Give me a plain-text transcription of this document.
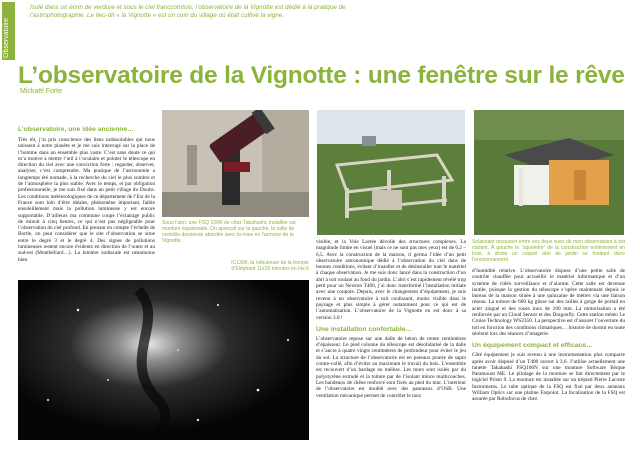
Observatoire
Isolé dans un écrin de verdure et sous le ciel franccomtois, l’observatoire de la Vignotte est dédié à la pratique de l’astrophotographie. Le lieu-dit « la Vignotte » est un coin du village où était cultivé la vigne.
L’observatoire de la Vignotte : une fenêtre sur le rêve
Mickaël Forte
L’observatoire, une idée ancienne…
Très tôt, j’ai pris conscience des liens indissolubles qui nous unissent à notre planète et je me suis interrogé sur la place de l’homme dans un ensemble plus vaste. C’est sans doute ce qui m’a motivé à mettre l’œil à l’oculaire et pointer le télescope en direction du ciel avec une conviction forte : regarder, observer, analyser, c’est comprendre. Ma pratique de l’astronomie a longtemps été nomade, à la recherche du ciel le plus sombre et de l’atmosphère la plus stable. Avec le temps, et par obligation professionnelle, je me suis fixé dans un petit village du Doubs. Les conditions météorologiques de ce département de l’Est de la France sont loin d’être idéales, phénomène important, faible ensoleillement mais la pollution lumineuse y est encore supportable. D’ailleurs ma commune coupe l’éclairage public de minuit à cinq heures, ce qui n’est pas négligeable pour l’observation du ciel profond. En prenant en compte l’échelle de Bortle, on peut considérer que le site d’observation se situe entre le degré 3 et le degré 4. Des signes de pollutions lumineuses restent encore évidents en direction de l’ouest et au sud-est (Montbéliard…). La lumière zodiacale est néanmoins bien
Sous l’abri, une FSQ 106N de chez Takahashi, installée sur monture équatoriale. On aperçoit sur la gauche, la salle de contrôle desservie abordée avec la mise en l’armoire de la Vignotte.
IC1396, la nébuleuse de la trompe d’Éléphant 11x20 minutes en Hα 6
visible, et la Voie Lactée dévoile des structures complexes. La magnitude limite en visuel (mais ce ne sont pas mes yeux) est de 6,2 – 6,5. Avec la construction de la maison, il germa l’idée d’un petit observatoire astronomique dédié à l’observation du ciel dans de bonnes conditions, évitant d’installer et de désinstaller tout le matériel à chaque observation. Je me suis donc lancé dans la construction d’un abri à toit roulant au fond du jardin. L’abri s’est rapidement révélé trop petit pour un Newton T400, j’ai donc transformé l’installation initiale avec une coupole. Depuis, avec le changement d’équipement, je suis revenu à un observatoire à toit coulissant, moins visible dans le paysage et plus simple à gérer notamment pour ce qui est de l’automatisation. L’observatoire de la Vignotte en est donc à sa version 3.0 !
Une installation confortable…
L’observatoire repose sur une dalle de béton de trente centimètres d’épaisseur. Le pied colonne du télescope est désolidarisé de la dalle et s’ancre à quatre vingts centimètres de profondeur pour éviter le jeu du sol. La structure de l’observatoire est en poteaux poutre de sapin contre-collé, afin d’éviter au maximum le travail du bois. L’ensemble est recouvert d’un bardage en mélèze. Les murs sont isolés par du polystyrène extrudé et la toiture par de l’isolant mince multicouches. Les bandeaux de chêne renforcé sont fixés au pied du mur. L’intérieur de l’observatoire est doublé avec des panneaux d’OSB. Une ventilation mécanique permet de contrôler le taux
Solarisant recouvert entre ces deux vues de mon observatoire à toit roulant. À gauche le “squelette” de la construction entièrement en bois, à droite un coquet abri de jardin se fondant dans l’environnement.
d’humidité relative. L’observatoire dispose d’une petite salle de contrôle chauffée pour accueillir le matériel informatique et d’un système de vidéo surveillance et d’alarme. Cette salle est devenue inutile, puisque la gestion du télescope s’opère maintenant depuis le bureau de la maison située à une quinzaine de mètres via une liaison réseau. La toiture de 600 kg glisse sur des railles à gorge de portail en acier zingué et des roues inox de 100 mm. La motorisation a été renforcée par un Cloud Sensor et des Dragonfly. Cette station météo Le Cruise Technology WS2350. La perspective est d’assurer l’ouverture du toit en fonction des conditions climatiques… histoire de dormir en toute sérénité lors des séances d’imagerie.
Un équipement compact et efficace…
Côté équipement je suis revenu à une instrumentation plus compacte après avoir disposé d’un T400 ouvert à 3,6. J’utilise actuellement une lunette Takahashi FSQ106N sur une monture Software Bisque Paramount ME. Le pilotage de la monture se fait directement par le logiciel Prism 9. La monture est installée sur un trépied Pierre Lacoste Instruments. Le tube optique de la FSQ est fixé par deux anneaux William Optics sur une platine Farpoint. La focalisation de la FSQ est assurée par Robofocus de chez
